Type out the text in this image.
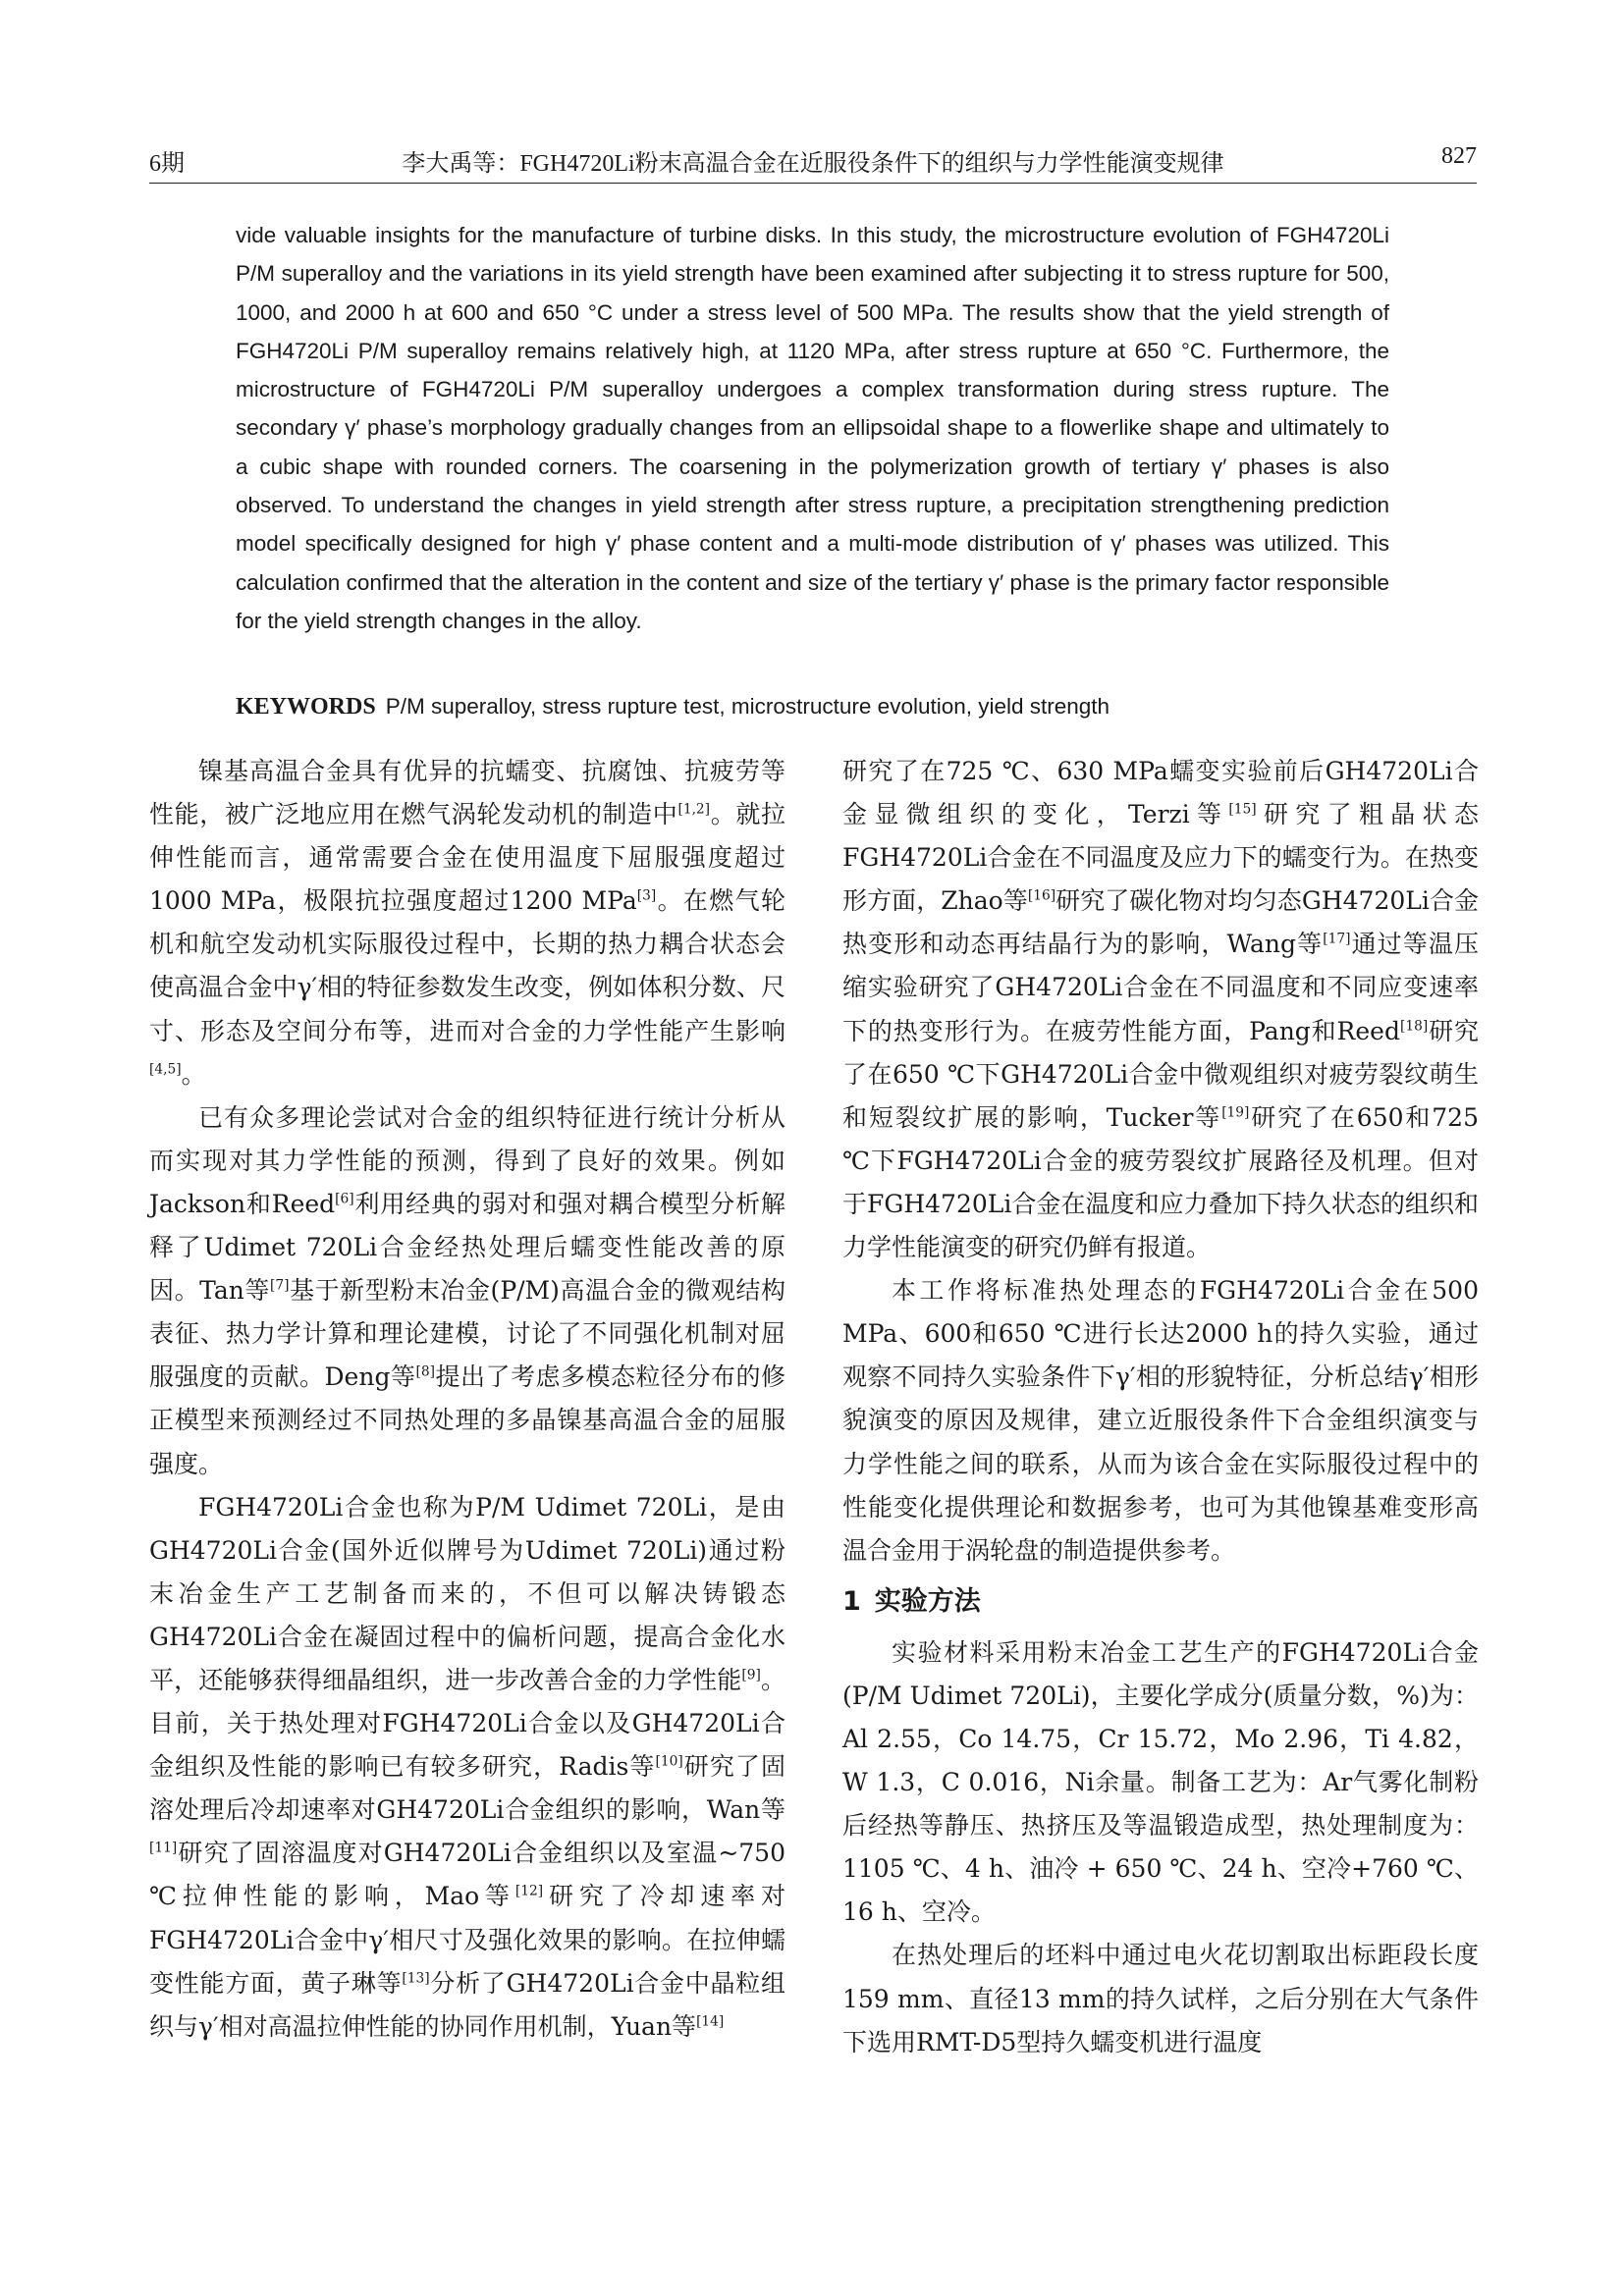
6期	李大禹等：FGH4720Li粉末高温合金在近服役条件下的组织与力学性能演变规律	827

vide valuable insights for the manufacture of turbine disks. In this study, the microstructure evolution of FGH4720Li P/M superalloy and the variations in its yield strength have been examined after subjecting it to stress rupture for 500, 1000, and 2000 h at 600 and 650 °C under a stress level of 500 MPa. The results show that the yield strength of FGH4720Li P/M superalloy remains relatively high, at 1120 MPa, after stress rupture at 650 °C. Furthermore, the microstructure of FGH4720Li P/M superalloy undergoes a complex transformation during stress rupture. The secondary γ′ phase’s morphology gradually changes from an ellipsoidal shape to a flowerlike shape and ultimately to a cubic shape with rounded corners. The coarsening in the polymerization growth of tertiary γ′ phases is also observed. To understand the changes in yield strength after stress rupture, a precipitation strengthening prediction model specifically designed for high γ′ phase content and a multi-mode distribution of γ′ phases was utilized. This calculation confirmed that the alteration in the content and size of the tertiary γ′ phase is the primary factor responsible for the yield strength changes in the alloy.

KEYWORDS P/M superalloy, stress rupture test, microstructure evolution, yield strength

镍基高温合金具有优异的抗蠕变、抗腐蚀、抗疲劳等性能，被广泛地应用在燃气涡轮发动机的制造中[1,2]。就拉伸性能而言，通常需要合金在使用温度下屈服强度超过1000 MPa，极限抗拉强度超过1200 MPa[3]。在燃气轮机和航空发动机实际服役过程中，长期的热力耦合状态会使高温合金中γ′相的特征参数发生改变，例如体积分数、尺寸、形态及空间分布等，进而对合金的力学性能产生影响[4,5]。

已有众多理论尝试对合金的组织特征进行统计分析从而实现对其力学性能的预测，得到了良好的效果。例如Jackson和Reed[6]利用经典的弱对和强对耦合模型分析解释了Udimet 720Li合金经热处理后蠕变性能改善的原因。Tan等[7]基于新型粉末冶金(P/M)高温合金的微观结构表征、热力学计算和理论建模，讨论了不同强化机制对屈服强度的贡献。Deng等[8]提出了考虑多模态粒径分布的修正模型来预测经过不同热处理的多晶镍基高温合金的屈服强度。

FGH4720Li合金也称为P/M Udimet 720Li，是由GH4720Li合金(国外近似牌号为Udimet 720Li)通过粉末冶金生产工艺制备而来的，不但可以解决铸锻态GH4720Li合金在凝固过程中的偏析问题，提高合金化水平，还能够获得细晶组织，进一步改善合金的力学性能[9]。目前，关于热处理对FGH4720Li合金以及GH4720Li合金组织及性能的影响已有较多研究，Radis等[10]研究了固溶处理后冷却速率对GH4720Li合金组织的影响，Wan等[11]研究了固溶温度对GH4720Li合金组织以及室温~750 ℃拉伸性能的影响，Mao等[12]研究了冷却速率对FGH4720Li合金中γ′相尺寸及强化效果的影响。在拉伸蠕变性能方面，黄子琳等[13]分析了GH4720Li合金中晶粒组织与γ′相对高温拉伸性能的协同作用机制，Yuan等[14]

研究了在725 ℃、630 MPa蠕变实验前后GH4720Li合金显微组织的变化，Terzi等[15]研究了粗晶状态FGH4720Li合金在不同温度及应力下的蠕变行为。在热变形方面，Zhao等[16]研究了碳化物对均匀态GH4720Li合金热变形和动态再结晶行为的影响，Wang等[17]通过等温压缩实验研究了GH4720Li合金在不同温度和不同应变速率下的热变形行为。在疲劳性能方面，Pang和Reed[18]研究了在650 ℃下GH4720Li合金中微观组织对疲劳裂纹萌生和短裂纹扩展的影响，Tucker等[19]研究了在650和725 ℃下FGH4720Li合金的疲劳裂纹扩展路径及机理。但对于FGH4720Li合金在温度和应力叠加下持久状态的组织和力学性能演变的研究仍鲜有报道。

本工作将标准热处理态的FGH4720Li合金在500 MPa、600和650 ℃进行长达2000 h的持久实验，通过观察不同持久实验条件下γ′相的形貌特征，分析总结γ′相形貌演变的原因及规律，建立近服役条件下合金组织演变与力学性能之间的联系，从而为该合金在实际服役过程中的性能变化提供理论和数据参考，也可为其他镍基难变形高温合金用于涡轮盘的制造提供参考。

1 实验方法

实验材料采用粉末冶金工艺生产的FGH4720Li合金(P/M Udimet 720Li)，主要化学成分(质量分数，%)为：Al 2.55，Co 14.75，Cr 15.72，Mo 2.96，Ti 4.82，W 1.3，C 0.016，Ni余量。制备工艺为：Ar气雾化制粉后经热等静压、热挤压及等温锻造成型，热处理制度为：1105 ℃、4 h、油冷 + 650 ℃、24 h、空冷+760 ℃、16 h、空冷。

在热处理后的坯料中通过电火花切割取出标距段长度159 mm、直径13 mm的持久试样，之后分别在大气条件下选用RMT-D5型持久蠕变机进行温度
